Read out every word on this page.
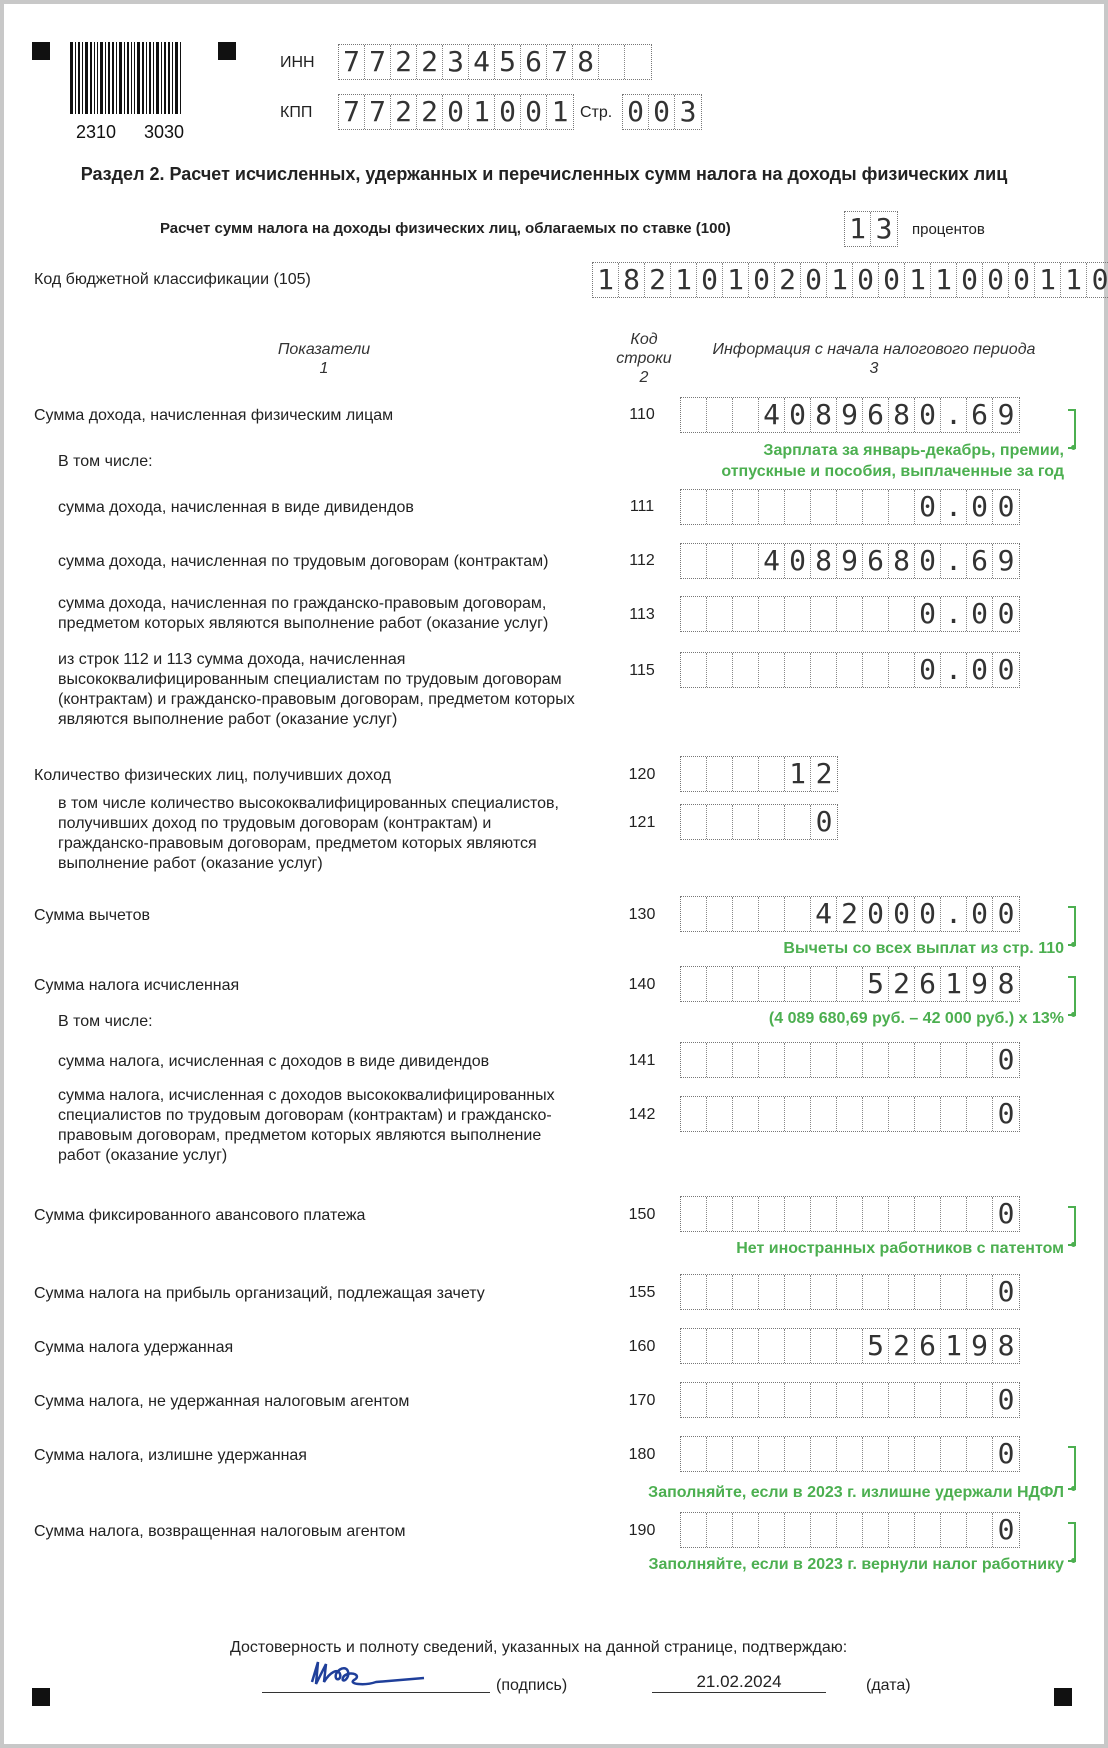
2310 3030
ИНН 7 7 2 2 3 4 5 6 7 8
КПП 7 7 2 2 0 1 0 0 1 Стр. 0 0 3
Раздел 2. Расчет исчисленных, удержанных и перечисленных сумм налога на доходы физических лиц
Расчет сумм налога на доходы физических лиц, облагаемых по ставке (100)	1 3	процентов
Код бюджетной классификации (105)	1 8 2 1 0 1 0 2 0 1 0 0 1 1 0 0 0 1 1 0
Показатели
1
Код
строки
2
Информация с начала налогового периода
3
Сумма дохода, начисленная физическим лицам	110	4 0 8 9 6 8 0 . 6 9
Зарплата за январь-декабрь, премии,
отпускные и пособия, выплаченные за год
В том числе:
сумма дохода, начисленная в виде дивидендов	111	0 . 0 0
сумма дохода, начисленная по трудовым договорам (контрактам)	112	4 0 8 9 6 8 0 . 6 9
сумма дохода, начисленная по гражданско-правовым договорам,
предметом которых являются выполнение работ (оказание услуг)
113	0 . 0 0
из строк 112 и 113 сумма дохода, начисленная
высококвалифицированным специалистам по трудовым договорам
(контрактам) и гражданско-правовым договорам, предметом которых
являются выполнение работ (оказание услуг)
115	0 . 0 0
Количество физических лиц, получивших доход	120	1 2
в том числе количество высококвалифицированных специалистов,
получивших доход по трудовым договорам (контрактам) и
гражданско-правовым договорам, предметом которых являются
выполнение работ (оказание услуг)
121	0
Сумма вычетов	130	4 2 0 0 0 . 0 0
Вычеты со всех выплат из стр. 110
Сумма налога исчисленная	140	5 2 6 1 9 8
(4 089 680,69 руб. – 42 000 руб.) х 13%
В том числе:
сумма налога, исчисленная с доходов в виде дивидендов	141	0
сумма налога, исчисленная с доходов высококвалифицированных
специалистов по трудовым договорам (контрактам) и гражданско-
правовым договорам, предметом которых являются выполнение
работ (оказание услуг)
142	0
Сумма фиксированного авансового платежа	150	0
Нет иностранных работников с патентом
Сумма налога на прибыль организаций, подлежащая зачету	155	0
Сумма налога удержанная	160	5 2 6 1 9 8
Сумма налога, не удержанная налоговым агентом	170	0
Сумма налога, излишне удержанная	180	0
Заполняйте, если в 2023 г. излишне удержали НДФЛ
Сумма налога, возвращенная налоговым агентом	190	0
Заполняйте, если в 2023 г. вернули налог работнику
Достоверность и полноту сведений, указанных на данной странице, подтверждаю:
(подпись)	21.02.2024	(дата)
